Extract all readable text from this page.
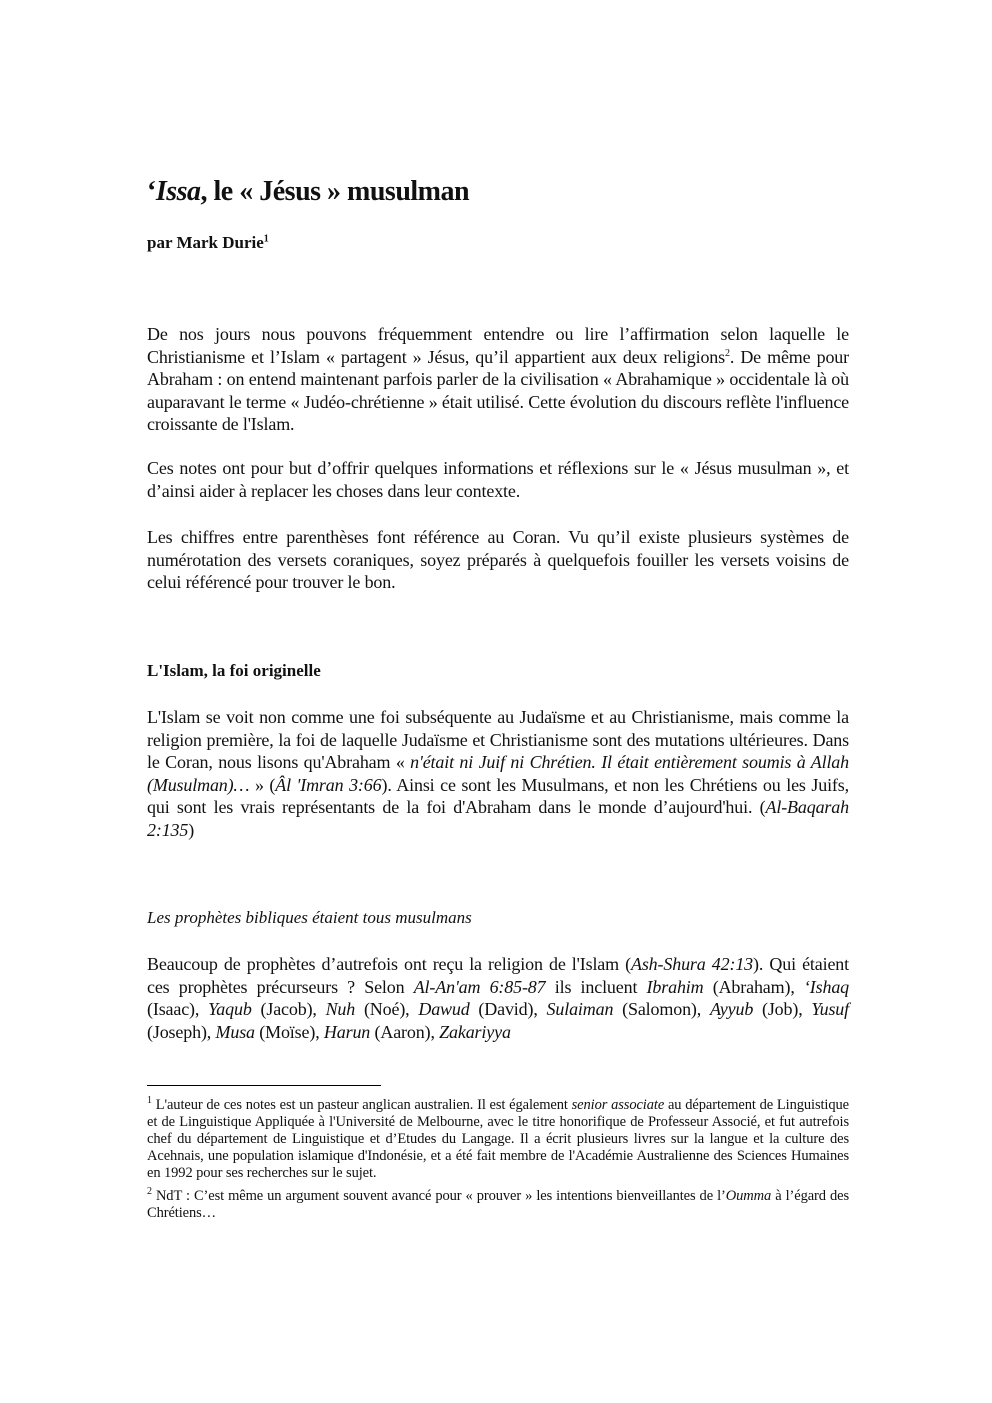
‘Issa, le « Jésus » musulman
par Mark Durie$^1$
De nos jours nous pouvons fréquemment entendre ou lire l’affirmation selon laquelle le Christianisme et l’Islam « partagent » Jésus, qu’il appartient aux deux religions$^2$. De même pour Abraham : on entend maintenant parfois parler de la civilisation « Abrahamique » occidentale là où auparavant le terme « Judéo-chrétienne » était utilisé. Cette évolution du discours reflète l'influence croissante de l'Islam.
Ces notes ont pour but d’offrir quelques informations et réflexions sur le « Jésus musulman », et d’ainsi aider à replacer les choses dans leur contexte.
Les chiffres entre parenthèses font référence au Coran. Vu qu’il existe plusieurs systèmes de numérotation des versets coraniques, soyez préparés à quelquefois fouiller les versets voisins de celui référencé pour trouver le bon.
L'Islam, la foi originelle
L'Islam se voit non comme une foi subséquente au Judaïsme et au Christianisme, mais comme la religion première, la foi de laquelle Judaïsme et Christianisme sont des mutations ultérieures. Dans le Coran, nous lisons qu'Abraham « n'était ni Juif ni Chrétien. Il était entièrement soumis à Allah (Musulman)… » (Âl 'Imran 3:66). Ainsi ce sont les Musulmans, et non les Chrétiens ou les Juifs, qui sont les vrais représentants de la foi d'Abraham dans le monde d’aujourd'hui. (Al-Baqarah 2:135)
Les prophètes bibliques étaient tous musulmans
Beaucoup de prophètes d’autrefois ont reçu la religion de l'Islam (Ash-Shura 42:13). Qui étaient ces prophètes précurseurs ? Selon Al-An'am 6:85-87 ils incluent Ibrahim (Abraham), ‘Ishaq (Isaac), Yaqub (Jacob), Nuh (Noé), Dawud (David), Sulaiman (Salomon), Ayyub (Job), Yusuf (Joseph), Musa (Moïse), Harun (Aaron), Zakariyya
$^1$ L'auteur de ces notes est un pasteur anglican australien. Il est également senior associate au département de Linguistique et de Linguistique Appliquée à l'Université de Melbourne, avec le titre honorifique de Professeur Associé, et fut autrefois chef du département de Linguistique et d’Etudes du Langage. Il a écrit plusieurs livres sur la langue et la culture des Acehnais, une population islamique d'Indonésie, et a été fait membre de l'Académie Australienne des Sciences Humaines en 1992 pour ses recherches sur le sujet.
$^2$ NdT : C’est même un argument souvent avancé pour « prouver » les intentions bienveillantes de l’Oumma à l’égard des Chrétiens…
